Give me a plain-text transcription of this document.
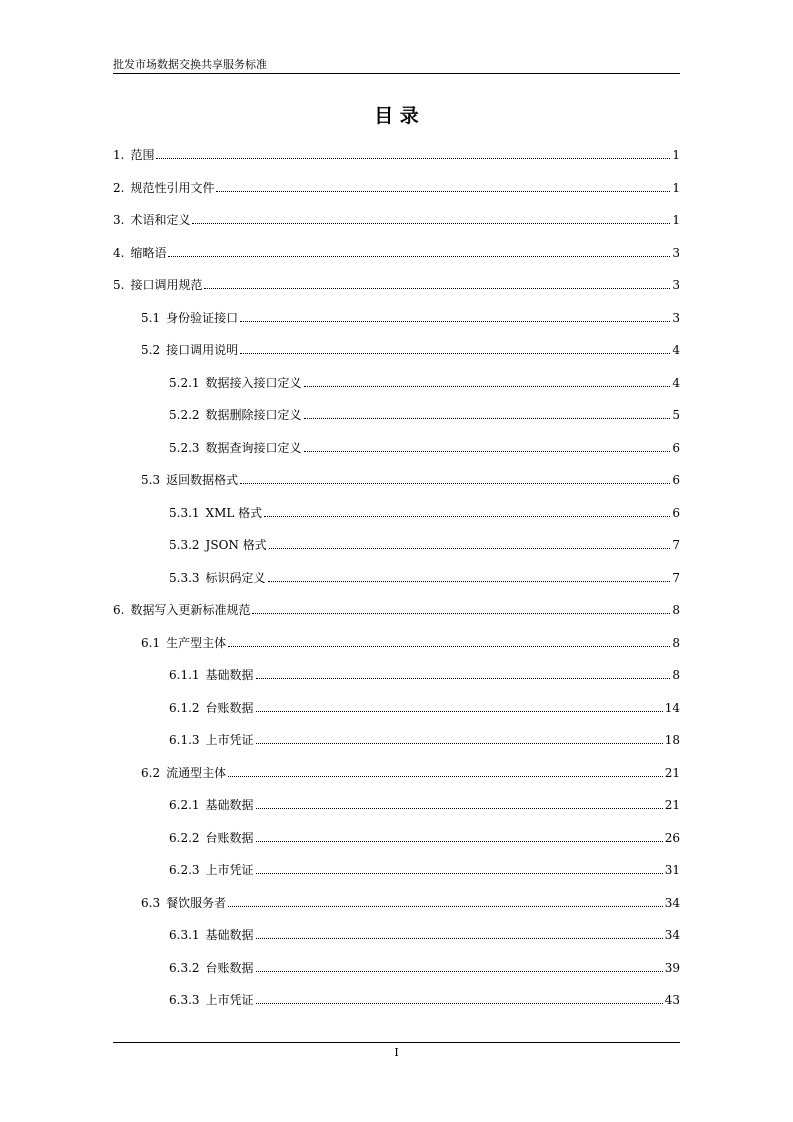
批发市场数据交换共享服务标准
目 录
1. 范围	1
2. 规范性引用文件	1
3. 术语和定义	1
4. 缩略语	3
5. 接口调用规范	3
5.1 身份验证接口	3
5.2 接口调用说明	4
5.2.1 数据接入接口定义	4
5.2.2 数据删除接口定义	5
5.2.3 数据查询接口定义	6
5.3 返回数据格式	6
5.3.1 XML 格式	6
5.3.2 JSON 格式	7
5.3.3 标识码定义	7
6. 数据写入更新标准规范	8
6.1 生产型主体	8
6.1.1 基础数据	8
6.1.2 台账数据	14
6.1.3 上市凭证	18
6.2 流通型主体	21
6.2.1 基础数据	21
6.2.2 台账数据	26
6.2.3 上市凭证	31
6.3 餐饮服务者	34
6.3.1 基础数据	34
6.3.2 台账数据	39
6.3.3 上市凭证	43
I
